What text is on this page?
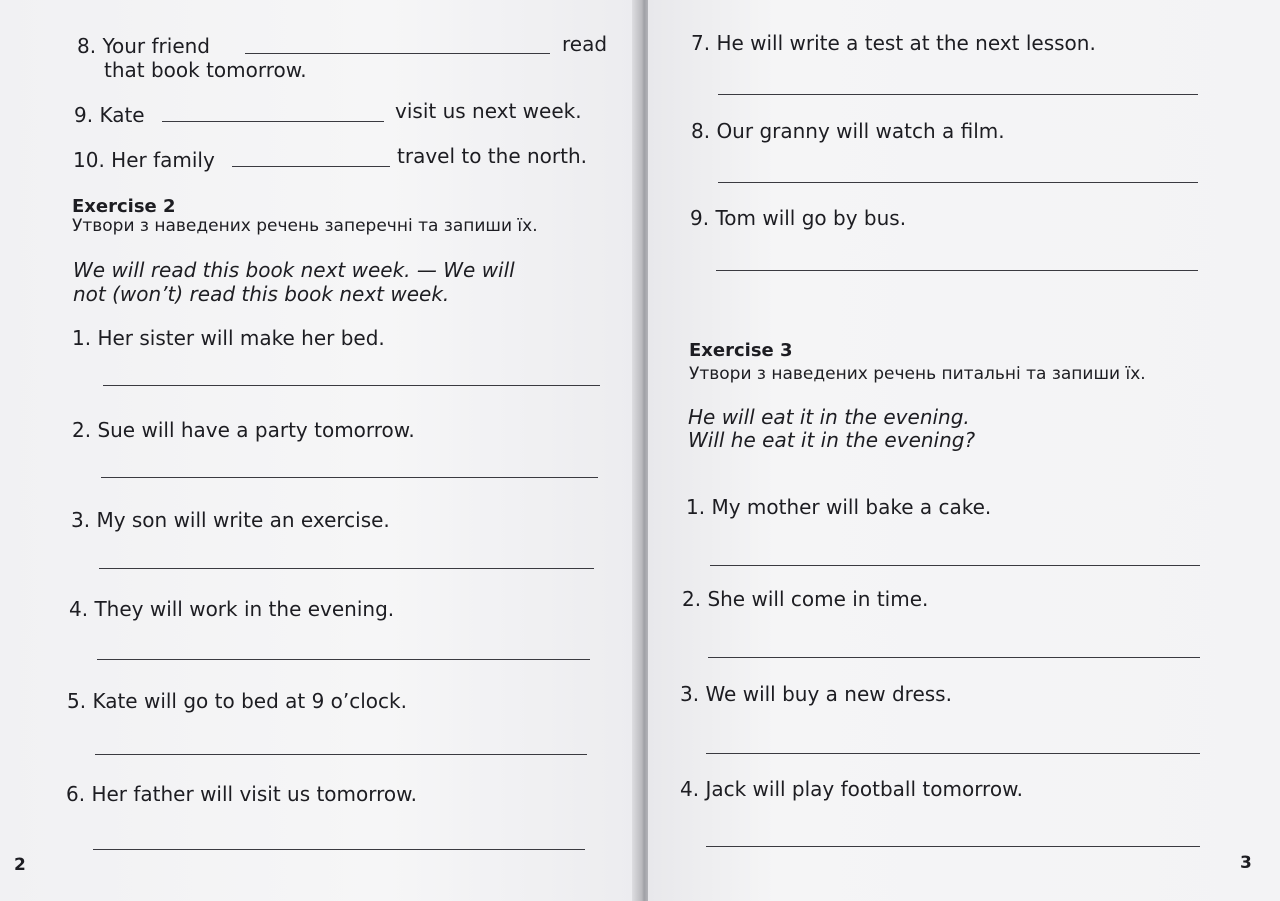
8. Your friend	read
that book tomorrow.
9. Kate	visit us next week.
10. Her family	travel to the north.
Exercise 2
Утвори з наведених речень заперечні та запиши їх.
We will read this book next week. — We will
not (won’t) read this book next week.
1. Her sister will make her bed.
2. Sue will have a party tomorrow.
3. My son will write an exercise.
4. They will work in the evening.
5. Kate will go to bed at 9 o’clock.
6. Her father will visit us tomorrow.
2
7. He will write a test at the next lesson.
8. Our granny will watch a film.
9. Tom will go by bus.
Exercise 3
Утвори з наведених речень питальні та запиши їх.
He will eat it in the evening.
Will he eat it in the evening?
1. My mother will bake a cake.
2. She will come in time.
3. We will buy a new dress.
4. Jack will play football tomorrow.
3
